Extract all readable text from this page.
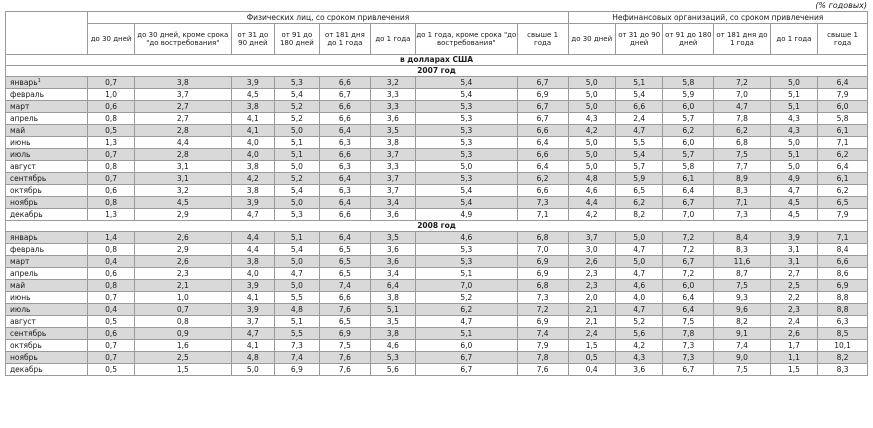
(% годовых)
	Физических лиц, со сроком привлечения								Нефинансовых организаций, со сроком привлечения					
	до 30 дней	до 30 дней, кроме срока "до востребования"	от 31 до 90 дней	от 91 до 180 дней	от 181 дня до 1 года	до 1 года	до 1 года, кроме срока "до востребования"	свыше 1 года	до 30 дней	от 31 до 90 дней	от 91 до 180 дней	от 181 дня до 1 года	до 1 года	свыше 1 года
в долларах США														
2007 год														
январь$^1$	0,7	3,8	3,9	5,3	6,6	3,2	5,4	6,7	5,0	5,1	5,8	7,2	5,0	6,4
февраль	1,0	3,7	4,5	5,4	6,7	3,3	5,4	6,9	5,0	5,4	5,9	7,0	5,1	7,9
март	0,6	2,7	3,8	5,2	6,6	3,3	5,3	6,7	5,0	6,6	6,0	4,7	5,1	6,0
апрель	0,8	2,7	4,1	5,2	6,6	3,6	5,3	6,7	4,3	2,4	5,7	7,8	4,3	5,8
май	0,5	2,8	4,1	5,0	6,4	3,5	5,3	6,6	4,2	4,7	6,2	6,2	4,3	6,1
июнь	1,3	4,4	4,0	5,1	6,3	3,8	5,3	6,4	5,0	5,5	6,0	6,8	5,0	7,1
июль	0,7	2,8	4,0	5,1	6,6	3,7	5,3	6,6	5,0	5,4	5,7	7,5	5,1	6,2
август	0,8	3,1	3,8	5,0	6,3	3,3	5,0	6,4	5,0	5,7	5,8	7,7	5,0	6,4
сентябрь	0,7	3,1	4,2	5,2	6,4	3,7	5,3	6,2	4,8	5,9	6,1	8,9	4,9	6,1
октябрь	0,6	3,2	3,8	5,4	6,3	3,7	5,4	6,6	4,6	6,5	6,4	8,3	4,7	6,2
ноябрь	0,8	4,5	3,9	5,0	6,4	3,4	5,4	7,3	4,4	6,2	6,7	7,1	4,5	6,5
декабрь	1,3	2,9	4,7	5,3	6,6	3,6	4,9	7,1	4,2	8,2	7,0	7,3	4,5	7,9
2008 год														
январь	1,4	2,6	4,4	5,1	6,4	3,5	4,6	6,8	3,7	5,0	7,2	8,4	3,9	7,1
февраль	0,8	2,9	4,4	5,4	6,5	3,6	5,3	7,0	3,0	4,7	7,2	8,3	3,1	8,4
март	0,4	2,6	3,8	5,0	6,5	3,6	5,3	6,9	2,6	5,0	6,7	11,6	3,1	6,6
апрель	0,6	2,3	4,0	4,7	6,5	3,4	5,1	6,9	2,3	4,7	7,2	8,7	2,7	8,6
май	0,8	2,1	3,9	5,0	7,4	6,4	7,0	6,8	2,3	4,6	6,0	7,5	2,5	6,9
июнь	0,7	1,0	4,1	5,5	6,6	3,8	5,2	7,3	2,0	4,0	6,4	9,3	2,2	8,8
июль	0,4	0,7	3,9	4,8	7,6	5,1	6,2	7,2	2,1	4,7	6,4	9,6	2,3	8,8
август	0,5	0,8	3,7	5,1	6,5	3,5	4,7	6,9	2,1	5,2	7,5	8,2	2,4	6,3
сентябрь	0,6	0,9	4,7	5,5	6,9	3,8	5,1	7,4	2,4	5,6	7,8	9,1	2,6	8,5
октябрь	0,7	1,6	4,1	7,3	7,5	4,6	6,0	7,9	1,5	4,2	7,3	7,4	1,7	10,1
ноябрь	0,7	2,5	4,8	7,4	7,6	5,3	6,7	7,8	0,5	4,3	7,3	9,0	1,1	8,2
декабрь	0,5	1,5	5,0	6,9	7,6	5,6	6,7	7,6	0,4	3,6	6,7	7,5	1,5	8,3
